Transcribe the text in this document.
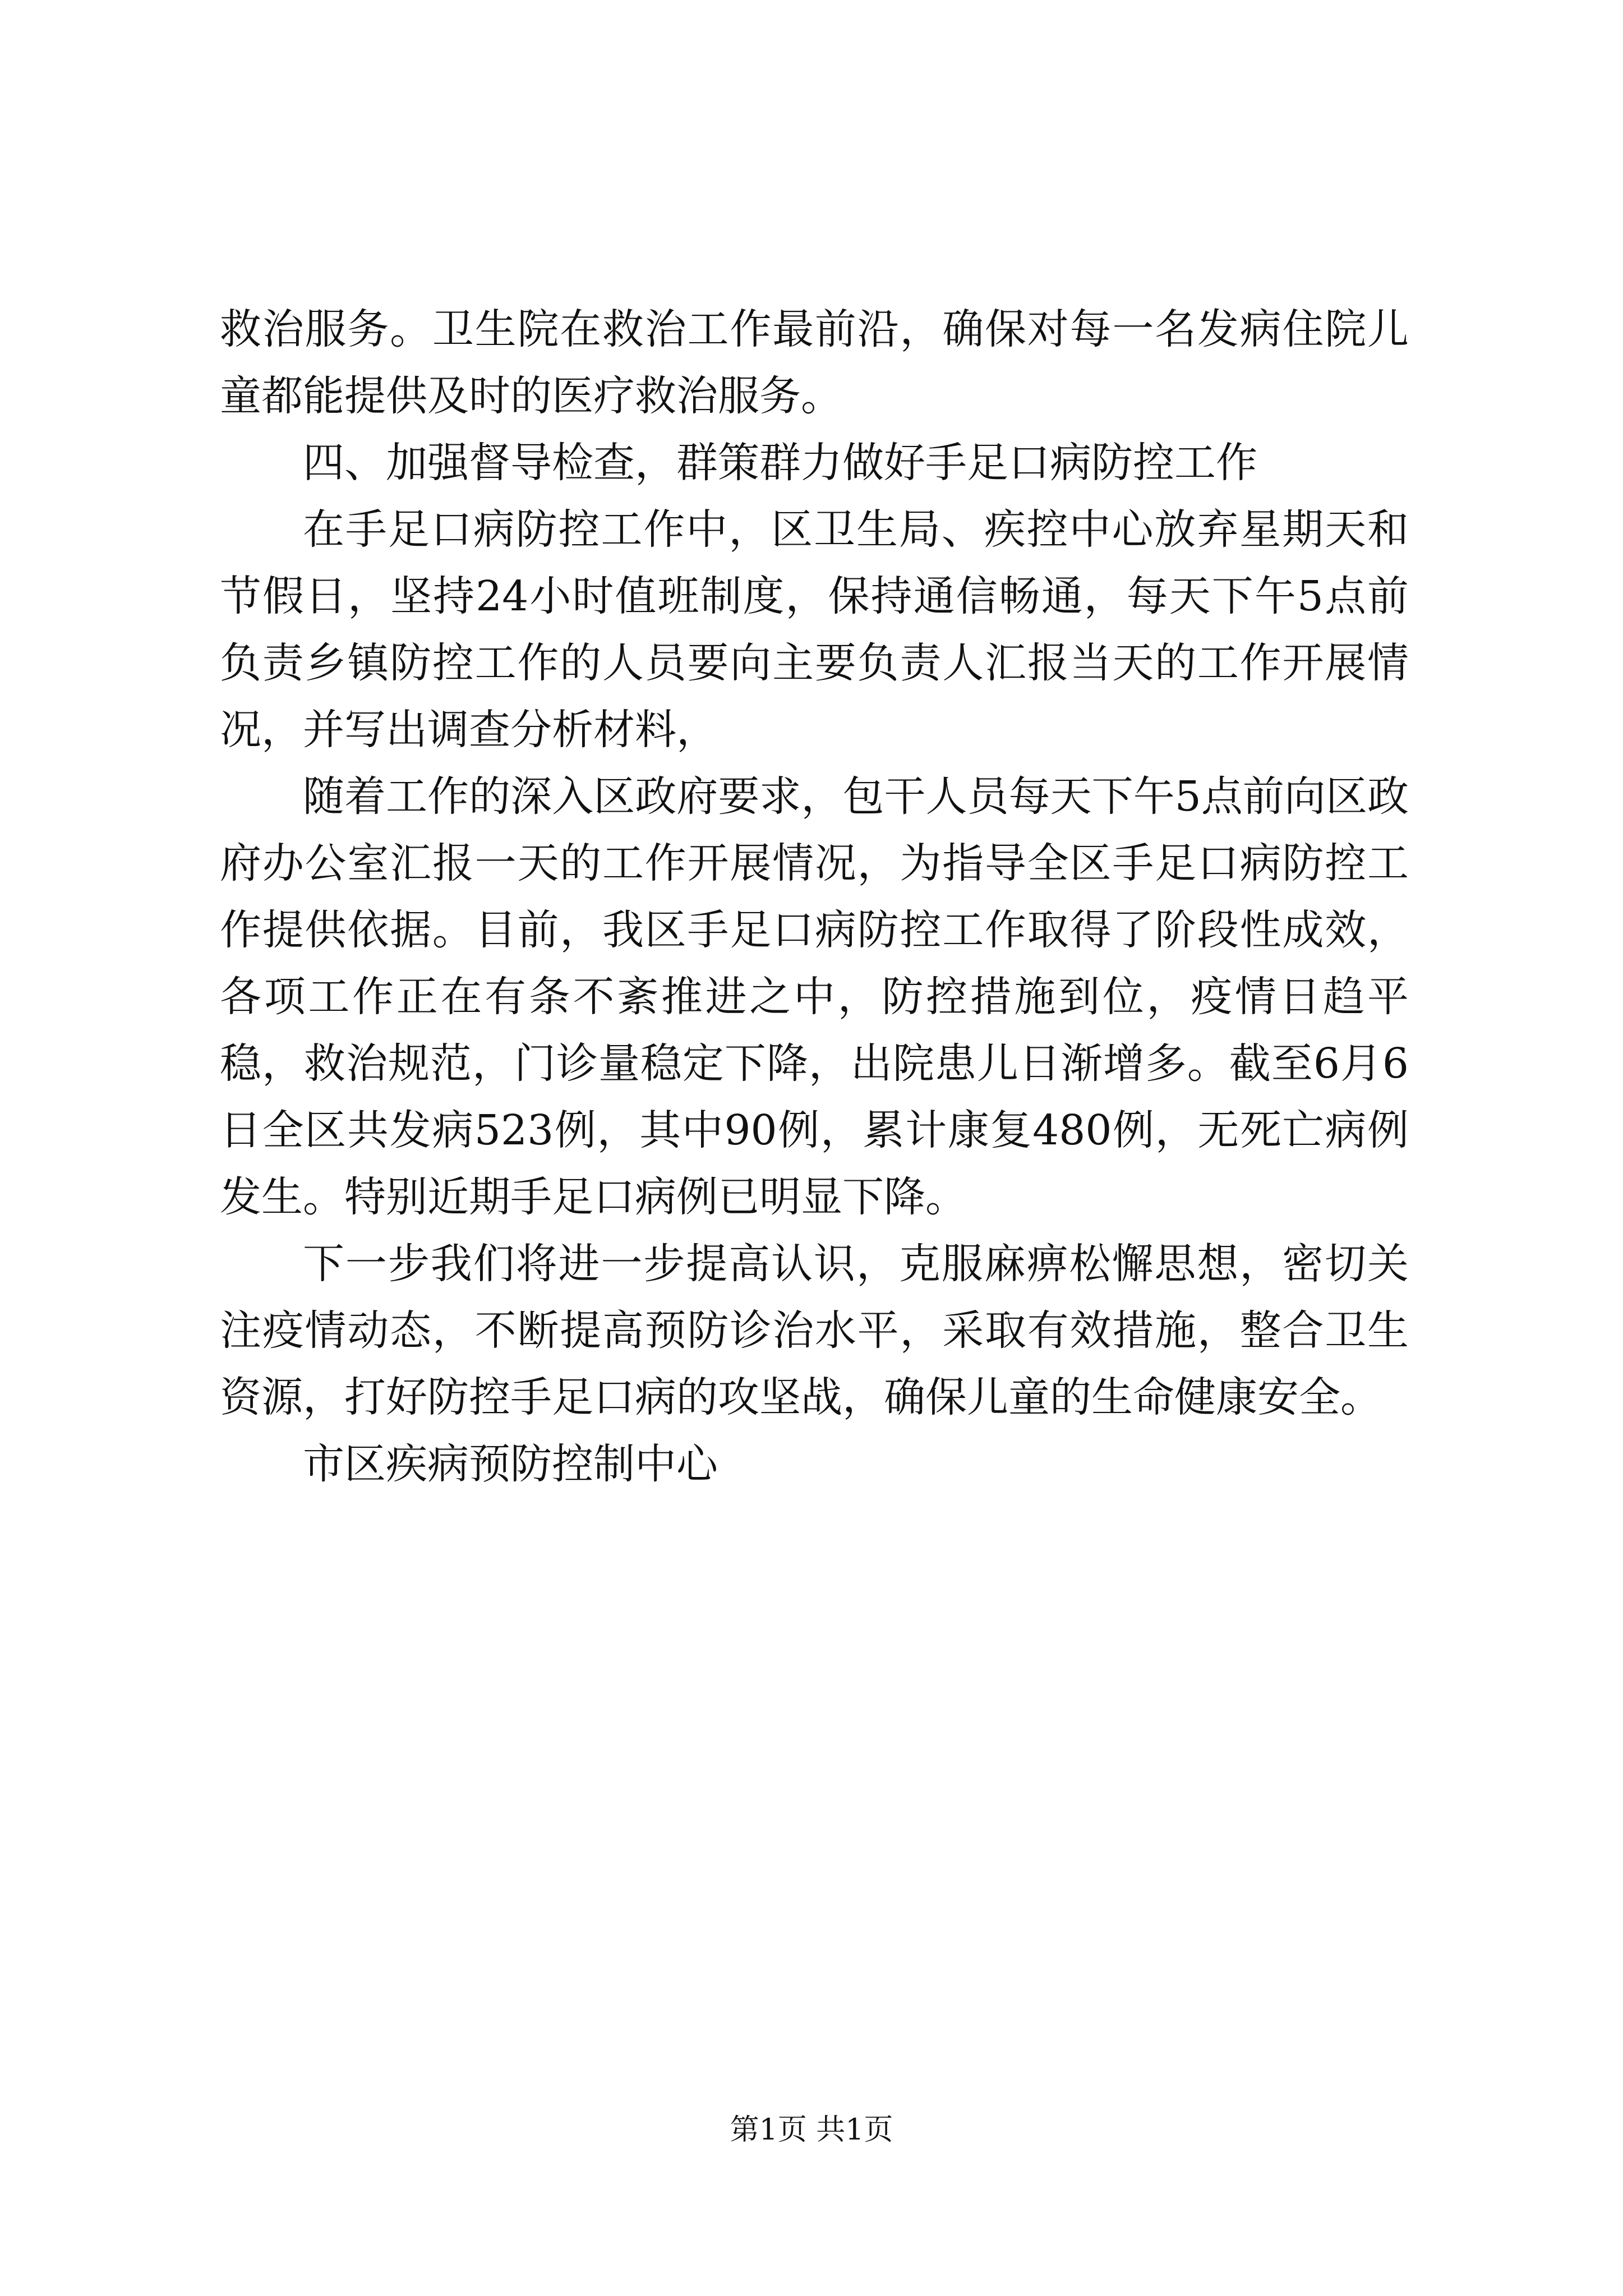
救治服务。卫生院在救治工作最前沿，确保对每一名发病住院儿童都能提供及时的医疗救治服务。

四、加强督导检查，群策群力做好手足口病防控工作

在手足口病防控工作中，区卫生局、疾控中心放弃星期天和节假日，坚持24小时值班制度，保持通信畅通，每天下午5点前负责乡镇防控工作的人员要向主要负责人汇报当天的工作开展情况，并写出调查分析材料，

随着工作的深入区政府要求，包干人员每天下午5点前向区政府办公室汇报一天的工作开展情况，为指导全区手足口病防控工作提供依据。目前，我区手足口病防控工作取得了阶段性成效，各项工作正在有条不紊推进之中，防控措施到位，疫情日趋平稳，救治规范，门诊量稳定下降，出院患儿日渐增多。截至6月6日全区共发病523例，其中90例，累计康复480例，无死亡病例发生。特别近期手足口病例已明显下降。

下一步我们将进一步提高认识，克服麻痹松懈思想，密切关注疫情动态，不断提高预防诊治水平，采取有效措施，整合卫生资源，打好防控手足口病的攻坚战，确保儿童的生命健康安全。

市区疾病预防控制中心

第1页 共1页
